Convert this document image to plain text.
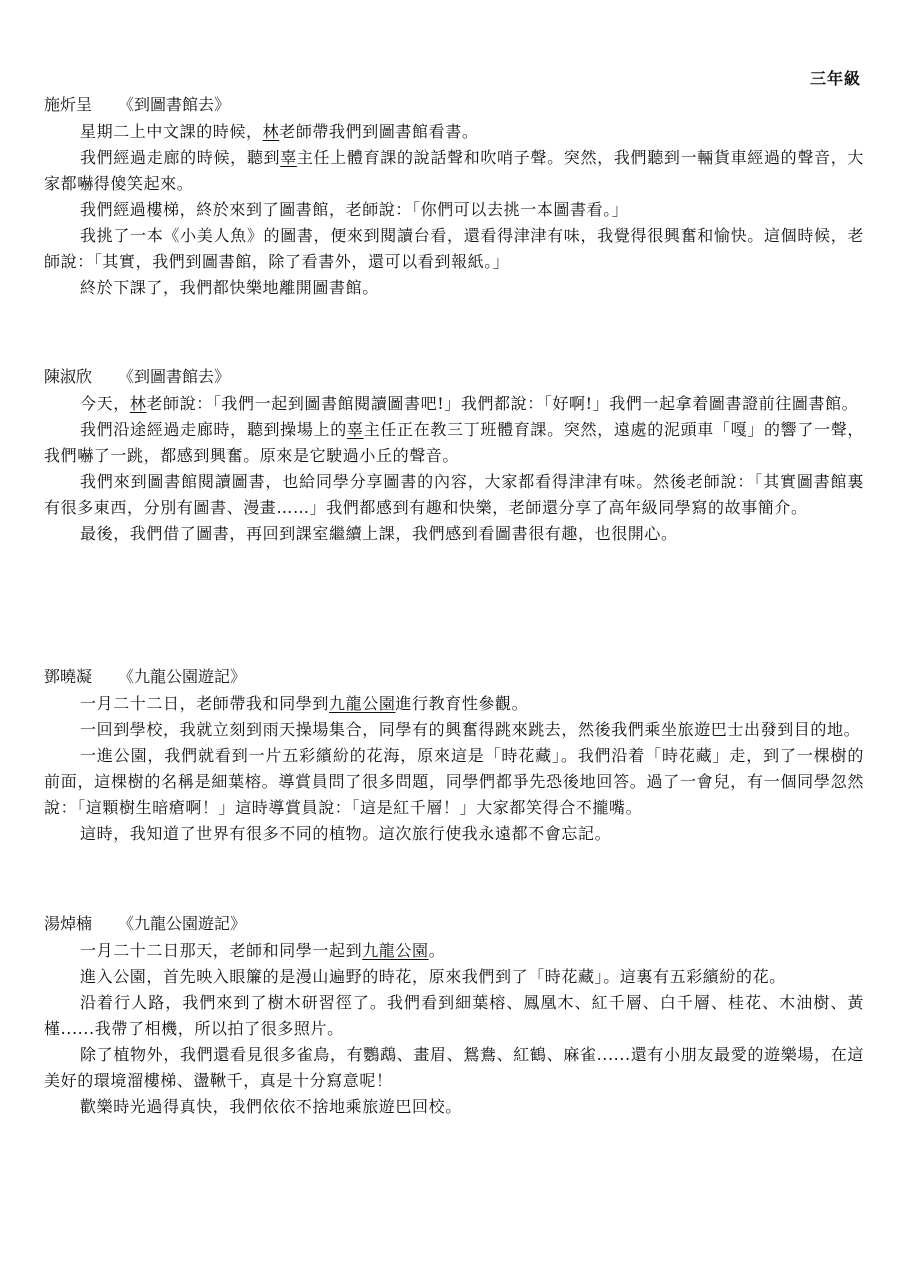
三年級
施炘呈 《到圖書館去》

星期二上中文課的時候，林老師帶我們到圖書館看書。

我們經過走廊的時候，聽到辜主任上體育課的說話聲和吹哨子聲。突然，我們聽到一輛貨車經過的聲音，大家都嚇得傻笑起來。

我們經過樓梯，終於來到了圖書館，老師說：「你們可以去挑一本圖書看。」

我挑了一本《小美人魚》的圖書，便來到閱讀台看，還看得津津有味，我覺得很興奮和愉快。這個時候，老師說：「其實，我們到圖書館，除了看書外，還可以看到報紙。」

終於下課了，我們都快樂地離開圖書館。

陳淑欣 《到圖書館去》

今天，林老師說：「我們一起到圖書館閱讀圖書吧!」我們都說：「好啊!」我們一起拿着圖書證前往圖書館。

我們沿途經過走廊時，聽到操場上的辜主任正在教三丁班體育課。突然，遠處的泥頭車「嘎」的響了一聲，我們嚇了一跳，都感到興奮。原來是它駛過小丘的聲音。

我們來到圖書館閱讀圖書，也給同學分享圖書的內容，大家都看得津津有味。然後老師說：「其實圖書館裏有很多東西，分別有圖書、漫畫……」我們都感到有趣和快樂，老師還分享了高年級同學寫的故事簡介。

最後，我們借了圖書，再回到課室繼續上課，我們感到看圖書很有趣，也很開心。

鄧曉凝 《九龍公園遊記》

一月二十二日，老師帶我和同學到九龍公園進行教育性參觀。

一回到學校，我就立刻到雨天操場集合，同學有的興奮得跳來跳去，然後我們乘坐旅遊巴士出發到目的地。

一進公園，我們就看到一片五彩繽紛的花海，原來這是「時花藏」。我們沿着「時花藏」走，到了一棵樹的前面，這棵樹的名稱是細葉榕。導賞員問了很多問題，同學們都爭先恐後地回答。過了一會兒，有一個同學忽然說：「這顆樹生暗瘡啊！」這時導賞員說：「這是紅千層！」大家都笑得合不攏嘴。

這時，我知道了世界有很多不同的植物。這次旅行使我永遠都不會忘記。

湯焯楠 《九龍公園遊記》

一月二十二日那天，老師和同學一起到九龍公園。

進入公園，首先映入眼簾的是漫山遍野的時花，原來我們到了「時花藏」。這裏有五彩繽紛的花。

沿着行人路，我們來到了樹木研習徑了。我們看到細葉榕、鳳凰木、紅千層、白千層、桂花、木油樹、黃槿......我帶了相機，所以拍了很多照片。

除了植物外，我們還看見很多雀鳥，有鸚鵡、畫眉、鴛鴦、紅鶴、麻雀......還有小朋友最愛的遊樂場，在這美好的環境溜樓梯、盪鞦千，真是十分寫意呢！

歡樂時光過得真快，我們依依不捨地乘旅遊巴回校。
